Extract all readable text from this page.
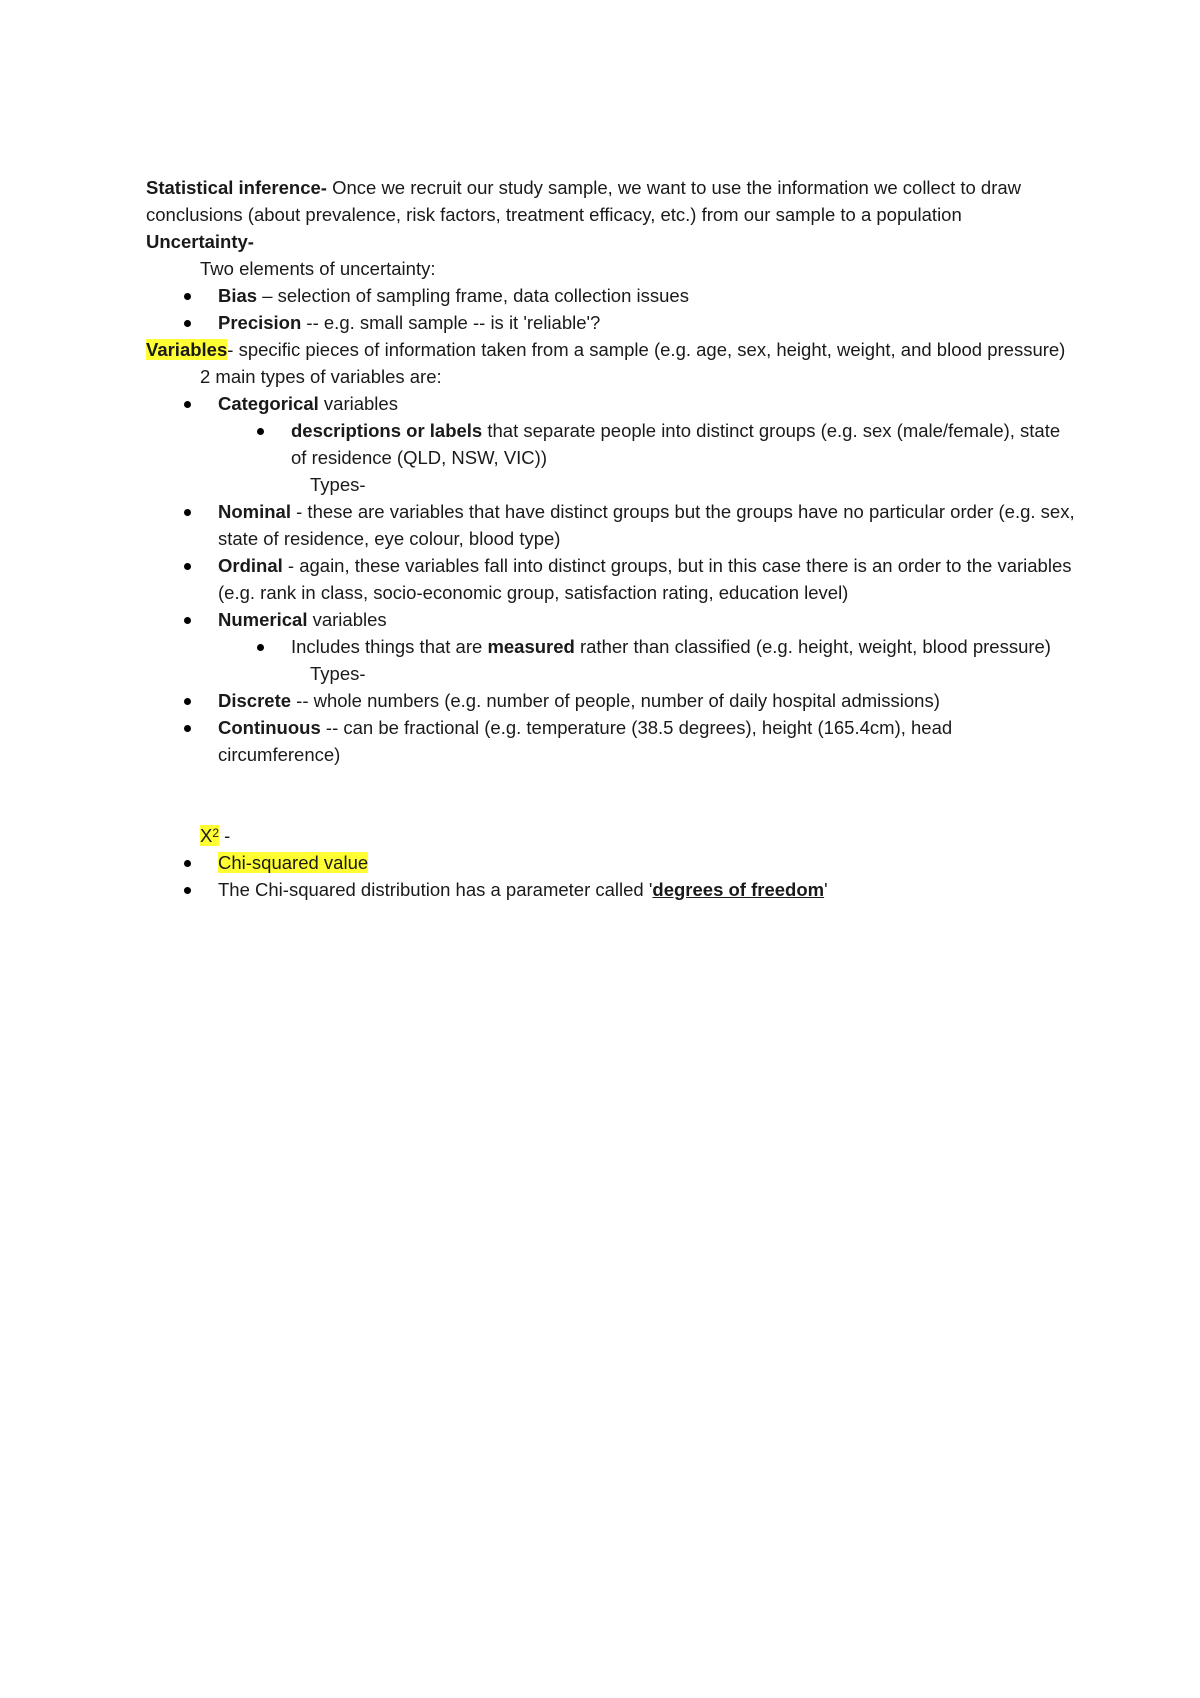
Statistical inference- Once we recruit our study sample, we want to use the information we collect to draw conclusions (about prevalence, risk factors, treatment efficacy, etc.) from our sample to a population
Uncertainty-
Two elements of uncertainty:
Bias – selection of sampling frame, data collection issues
Precision -- e.g. small sample -- is it 'reliable'?
Variables- specific pieces of information taken from a sample (e.g. age, sex, height, weight, and blood pressure)
2 main types of variables are:
Categorical variables
descriptions or labels that separate people into distinct groups (e.g. sex (male/female), state of residence (QLD, NSW, VIC))
Types-
Nominal - these are variables that have distinct groups but the groups have no particular order (e.g. sex, state of residence, eye colour, blood type)
Ordinal - again, these variables fall into distinct groups, but in this case there is an order to the variables (e.g. rank in class, socio-economic group, satisfaction rating, education level)
Numerical variables
Includes things that are measured rather than classified (e.g. height, weight, blood pressure)
Types-
Discrete -- whole numbers (e.g. number of people, number of daily hospital admissions)
Continuous -- can be fractional (e.g. temperature (38.5 degrees), height (165.4cm), head circumference)
$X^2$ -
Chi-squared value
The Chi-squared distribution has a parameter called 'degrees of freedom'
